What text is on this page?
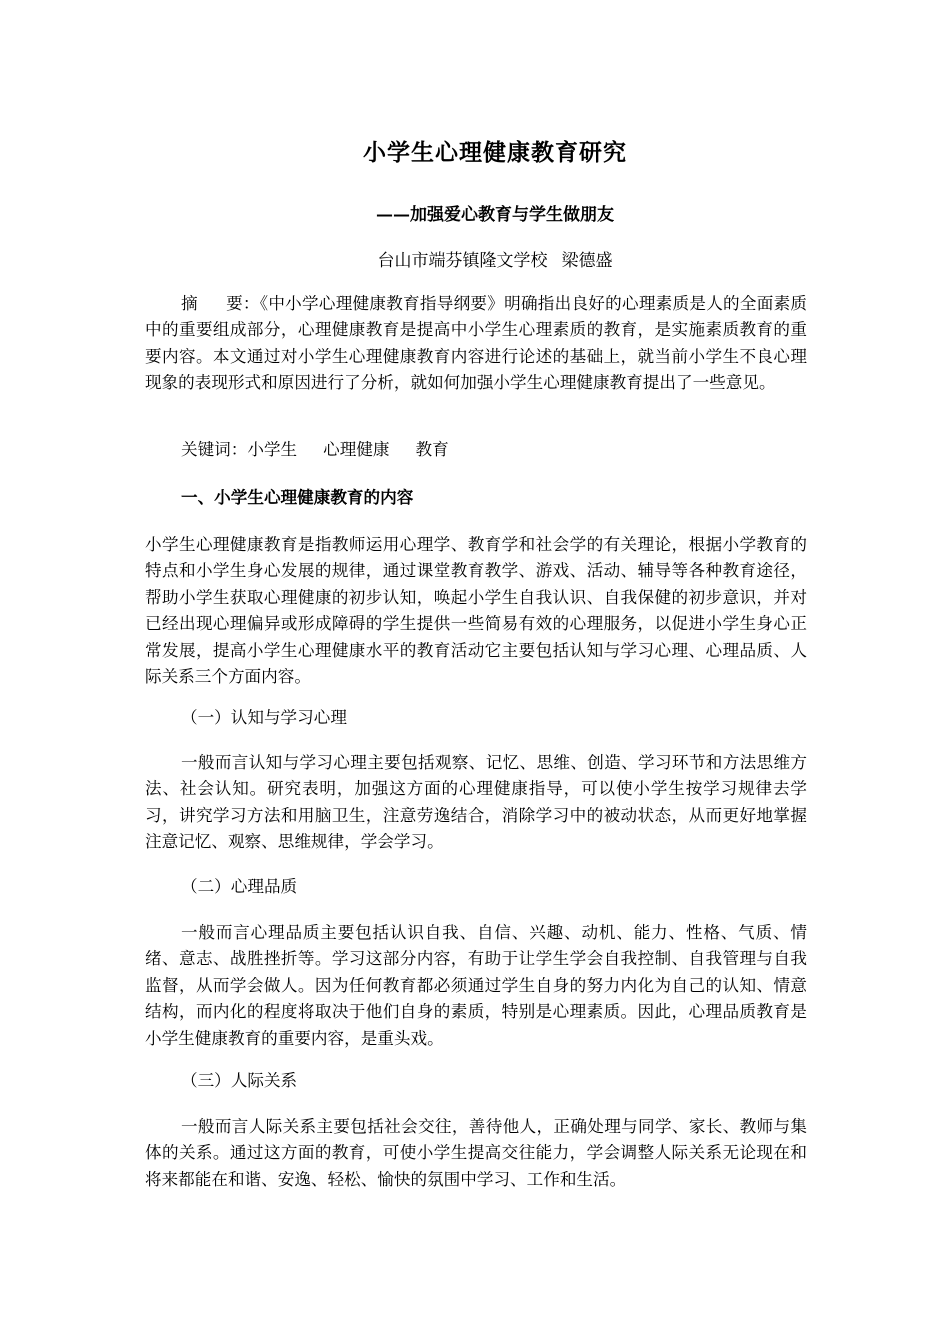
小学生心理健康教育研究

——加强爱心教育与学生做朋友

台山市端芬镇隆文学校 梁德盛

摘 要：《中小学心理健康教育指导纲要》明确指出良好的心理素质是人的全面素质中的重要组成部分，心理健康教育是提高中小学生心理素质的教育，是实施素质教育的重要内容。本文通过对小学生心理健康教育内容进行论述的基础上，就当前小学生不良心理现象的表现形式和原因进行了分析，就如何加强小学生心理健康教育提出了一些意见。

关键词：小学生 心理健康 教育

一、小学生心理健康教育的内容

小学生心理健康教育是指教师运用心理学、教育学和社会学的有关理论，根据小学教育的特点和小学生身心发展的规律，通过课堂教育教学、游戏、活动、辅导等各种教育途径，帮助小学生获取心理健康的初步认知，唤起小学生自我认识、自我保健的初步意识，并对已经出现心理偏异或形成障碍的学生提供一些简易有效的心理服务，以促进小学生身心正常发展，提高小学生心理健康水平的教育活动它主要包括认知与学习心理、心理品质、人际关系三个方面内容。

（一）认知与学习心理

一般而言认知与学习心理主要包括观察、记忆、思维、创造、学习环节和方法思维方法、社会认知。研究表明，加强这方面的心理健康指导，可以使小学生按学习规律去学习，讲究学习方法和用脑卫生，注意劳逸结合，消除学习中的被动状态，从而更好地掌握注意记忆、观察、思维规律，学会学习。

（二）心理品质

一般而言心理品质主要包括认识自我、自信、兴趣、动机、能力、性格、气质、情绪、意志、战胜挫折等。学习这部分内容，有助于让学生学会自我控制、自我管理与自我监督，从而学会做人。因为任何教育都必须通过学生自身的努力内化为自己的认知、情意结构，而内化的程度将取决于他们自身的素质，特别是心理素质。因此，心理品质教育是小学生健康教育的重要内容，是重头戏。

（三）人际关系

一般而言人际关系主要包括社会交往，善待他人，正确处理与同学、家长、教师与集体的关系。通过这方面的教育，可使小学生提高交往能力，学会调整人际关系无论现在和将来都能在和谐、安逸、轻松、愉快的氛围中学习、工作和生活。
